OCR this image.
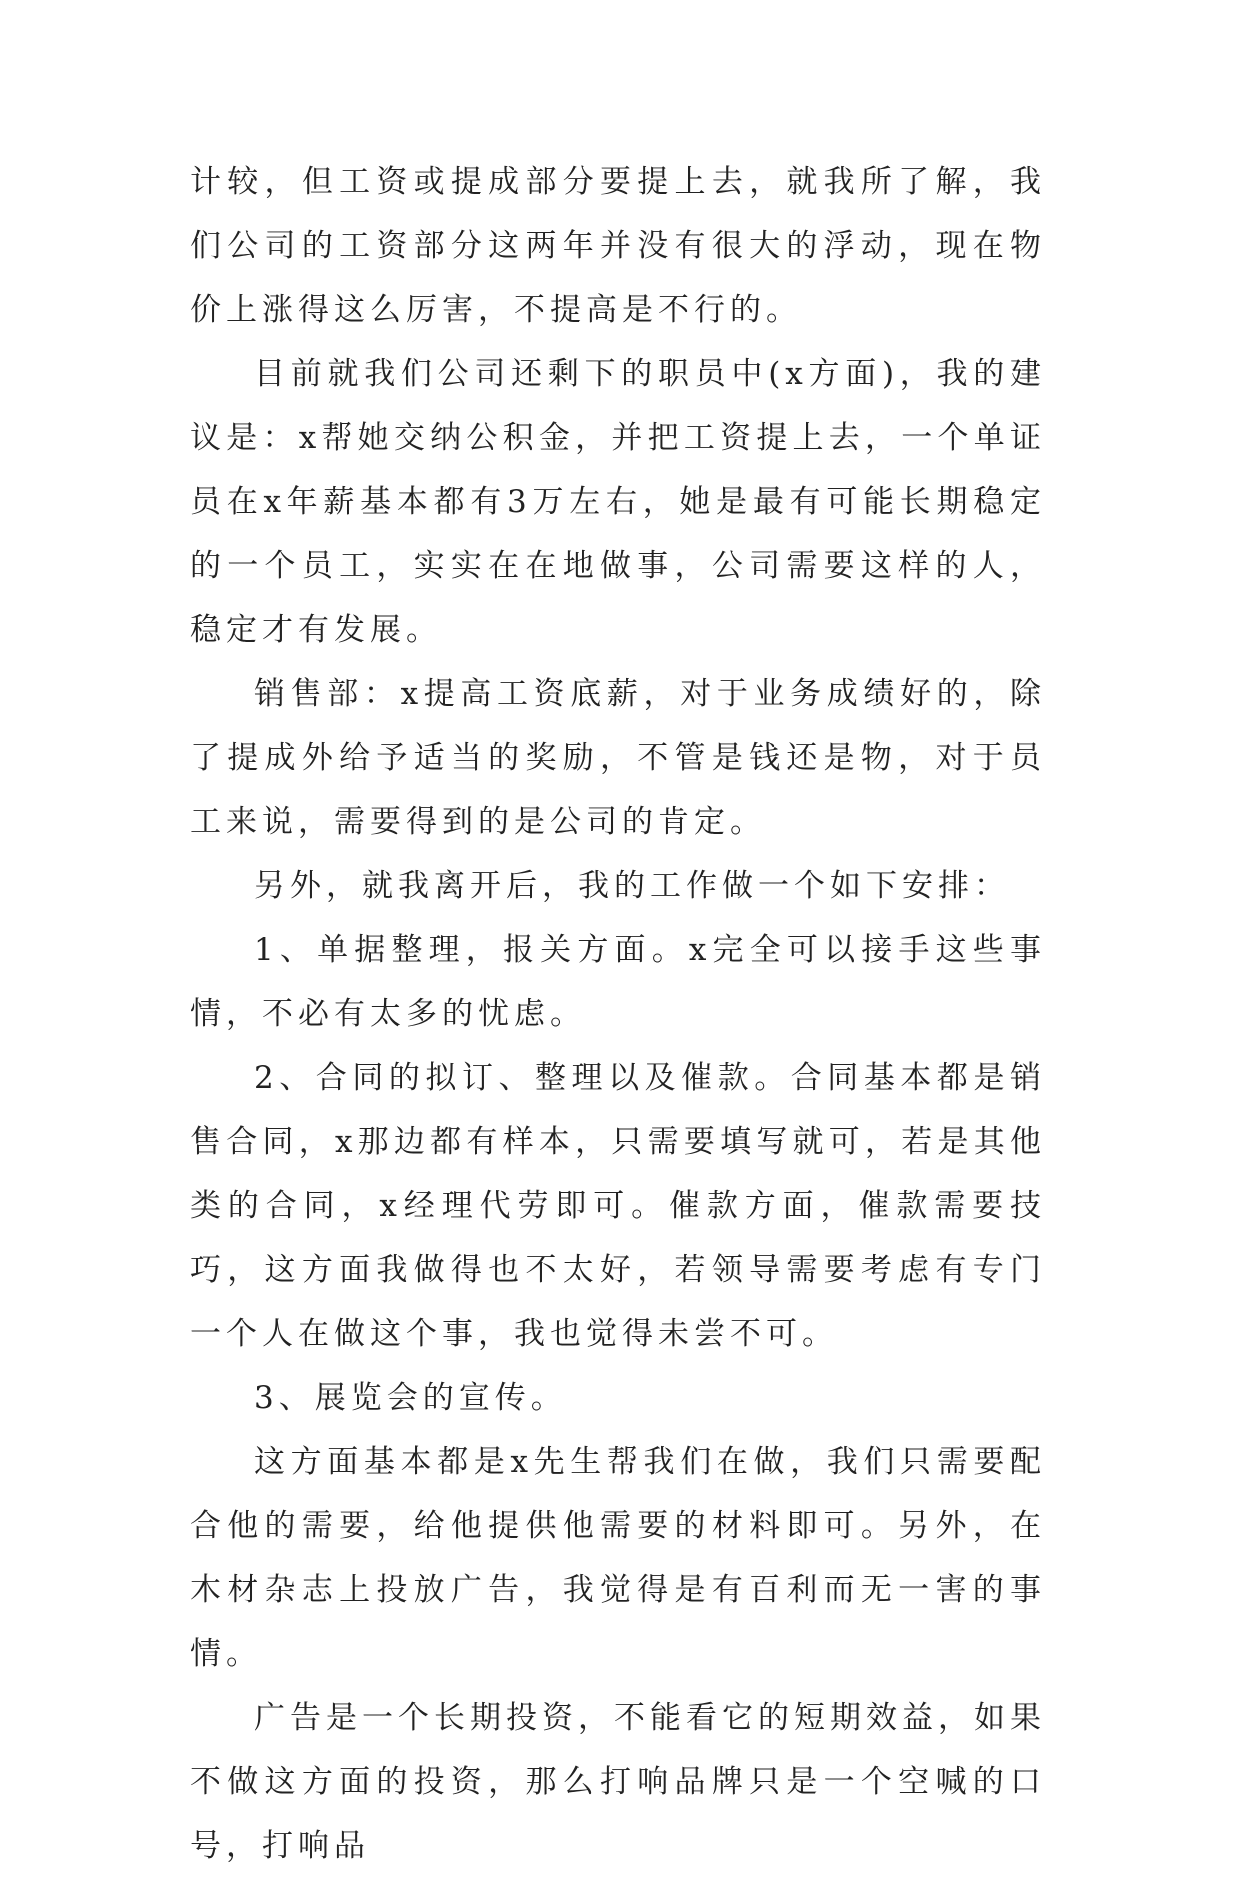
计较，但工资或提成部分要提上去，就我所了解，我们公司的工资部分这两年并没有很大的浮动，现在物价上涨得这么厉害，不提高是不行的。

目前就我们公司还剩下的职员中(x方面)，我的建议是：x帮她交纳公积金，并把工资提上去，一个单证员在x年薪基本都有3万左右，她是最有可能长期稳定的一个员工，实实在在地做事，公司需要这样的人，稳定才有发展。

销售部：x提高工资底薪，对于业务成绩好的，除了提成外给予适当的奖励，不管是钱还是物，对于员工来说，需要得到的是公司的肯定。

另外，就我离开后，我的工作做一个如下安排：

1、单据整理，报关方面。x完全可以接手这些事情，不必有太多的忧虑。

2、合同的拟订、整理以及催款。合同基本都是销售合同，x那边都有样本，只需要填写就可，若是其他类的合同，x经理代劳即可。催款方面，催款需要技巧，这方面我做得也不太好，若领导需要考虑有专门一个人在做这个事，我也觉得未尝不可。

3、展览会的宣传。

这方面基本都是x先生帮我们在做，我们只需要配合他的需要，给他提供他需要的材料即可。另外，在木材杂志上投放广告，我觉得是有百利而无一害的事情。

广告是一个长期投资，不能看它的短期效益，如果不做这方面的投资，那么打响品牌只是一个空喊的口号，打响品
